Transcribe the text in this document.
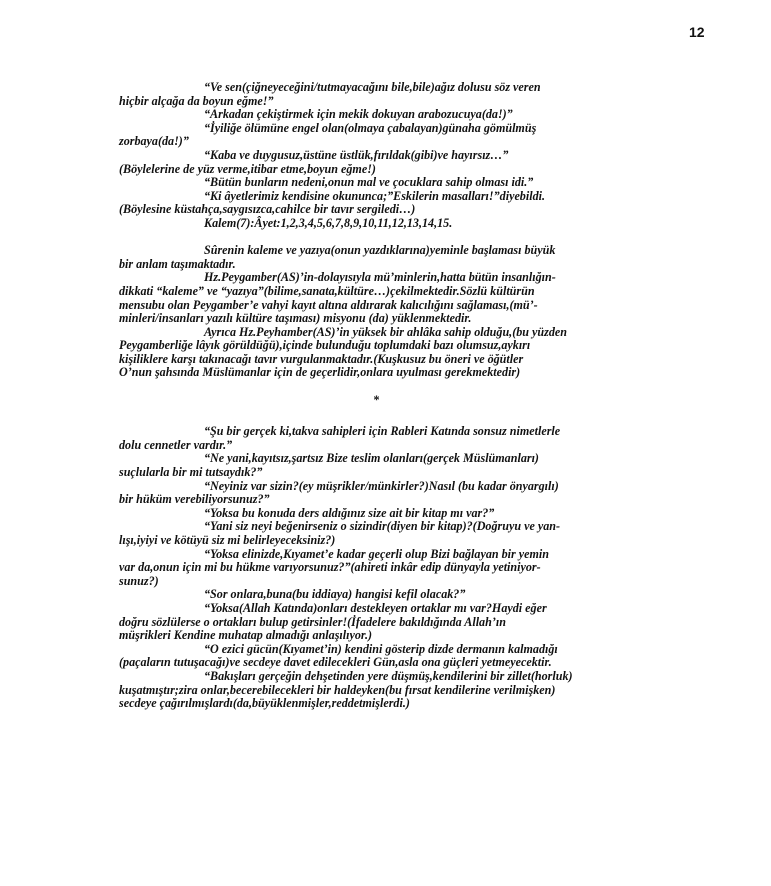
12
“Ve sen(çiğneyeceğini/tutmayacağını bile,bile)ağız dolusu söz veren
hiçbir alçağa da boyun eğme!”
“Arkadan çekiştirmek için mekik dokuyan arabozucuya(da!)”
“İyiliğe ölümüne engel olan(olmaya çabalayan)günaha gömülmüş
zorbaya(da!)”
“Kaba ve duygusuz,üstüne üstlük,fırıldak(gibi)ve hayırsız…”
(Böylelerine de yüz verme,itibar etme,boyun eğme!)
“Bütün bunların nedeni,onun mal ve çocuklara sahip olması idi.”
“Ki âyetlerimiz kendisine okununca;”Eskilerin masalları!”diyebildi.
(Böylesine küstahça,saygısızca,cahilce bir tavır sergiledi…)
Kalem(7):Âyet:1,2,3,4,5,6,7,8,9,10,11,12,13,14,15.
Sûrenin kaleme ve yazıya(onun yazdıklarına)yeminle başlaması büyük
bir anlam taşımaktadır.
Hz.Peygamber(AS)’in-dolayısıyla mü’minlerin,hatta bütün insanlığın-
dikkati “kaleme” ve “yazıya”(bilime,sanata,kültüre…)çekilmektedir.Sözlü kültürün
mensubu olan Peygamber’e vahyi kayıt altına aldırarak kalıcılığını sağlaması,(mü’-
minleri/insanları yazılı kültüre taşıması) misyonu (da) yüklenmektedir.
Ayrıca Hz.Peyhamber(AS)’in yüksek bir ahlâka sahip olduğu,(bu yüzden
Peygamberliğe lâyık görüldüğü),içinde bulunduğu toplumdaki bazı olumsuz,aykırı
kişiliklere karşı takınacağı tavır vurgulanmaktadır.(Kuşkusuz bu öneri ve öğütler
O’nun şahsında Müslümanlar için de geçerlidir,onlara uyulması gerekmektedir)
*
“Şu bir gerçek ki,takva sahipleri için Rableri Katında sonsuz nimetlerle
dolu cennetler vardır.”
“Ne yani,kayıtsız,şartsız Bize teslim olanları(gerçek Müslümanları)
suçlularla bir mi tutsaydık?”
“Neyiniz var sizin?(ey müşrikler/münkirler?)Nasıl (bu kadar önyargılı)
bir hüküm verebiliyorsunuz?”
“Yoksa bu konuda ders aldığınız size ait bir kitap mı var?”
“Yani siz neyi beğenirseniz o sizindir(diyen bir kitap)?(Doğruyu ve yan-
lışı,iyiyi ve kötüyü siz mi belirleyeceksiniz?)
“Yoksa elinizde,Kıyamet’e kadar geçerli olup Bizi bağlayan bir yemin
var da,onun için mi bu hükme varıyorsunuz?”(ahireti inkâr edip dünyayla yetiniyor-
sunuz?)
“Sor onlara,buna(bu iddiaya) hangisi kefil olacak?”
“Yoksa(Allah Katında)onları destekleyen ortaklar mı var?Haydi eğer
doğru sözlülerse o ortakları bulup getirsinler!(İfadelere bakıldığında Allah’ın
müşrikleri Kendine muhatap almadığı anlaşılıyor.)
“O ezici gücün(Kıyamet’in) kendini gösterip dizde dermanın kalmadığı
(paçaların tutuşacağı)ve secdeye davet edilecekleri Gün,asla ona güçleri yetmeyecektir.
“Bakışları gerçeğin dehşetinden yere düşmüş,kendilerini bir zillet(horluk)
kuşatmıştır;zira onlar,becerebilecekleri bir haldeyken(bu fırsat kendilerine verilmişken)
secdeye çağırılmışlardı(da,büyüklenmişler,reddetmişlerdi.)
